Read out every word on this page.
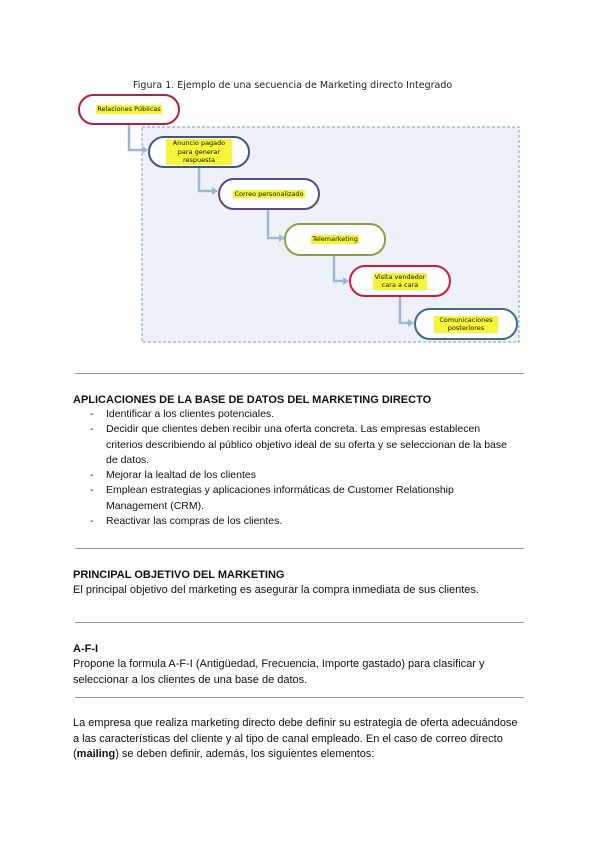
Figura 1. Ejemplo de una secuencia de Marketing directo Integrado
Relaciones Públicas
Anuncio pagado para generar respuesta
Correo personalizado
Telemarketing
Visita vendedor cara a cara
Comunicaciones posteriores
APLICACIONES DE LA BASE DE DATOS DEL MARKETING DIRECTO
- Identificar a los clientes potenciales.
- Decidir que clientes deben recibir una oferta concreta. Las empresas establecen criterios describiendo al público objetivo ideal de su oferta y se seleccionan de la base de datos.
- Mejorar la lealtad de los clientes
- Emplean estrategias y aplicaciones informáticas de Customer Relationship Management (CRM).
- Reactivar las compras de los clientes.
PRINCIPAL OBJETIVO DEL MARKETING
El principal objetivo del marketing es asegurar la compra inmediata de sus clientes.
A-F-I
Propone la formula A-F-I (Antigüedad, Frecuencia, Importe gastado) para clasificar y seleccionar a los clientes de una base de datos.
La empresa que realiza marketing directo debe definir su estrategia de oferta adecuándose a las características del cliente y al tipo de canal empleado. En el caso de correo directo (mailing) se deben definir, además, los siguientes elementos:
